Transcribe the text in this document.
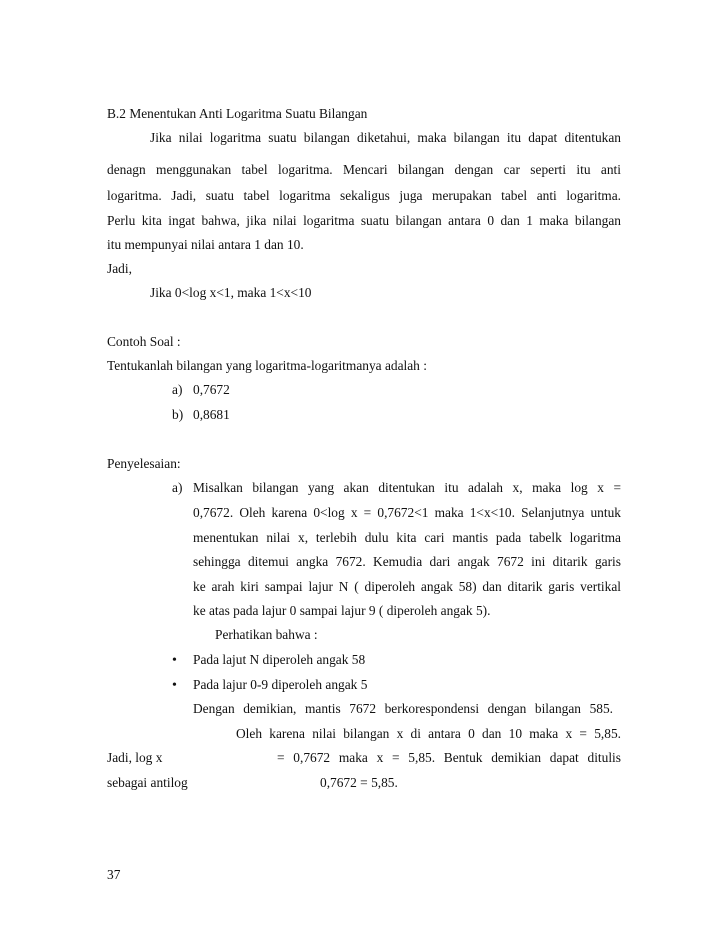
B.2 Menentukan Anti Logaritma Suatu Bilangan
Jika nilai logaritma suatu bilangan diketahui, maka bilangan itu dapat ditentukan
denagn menggunakan tabel logaritma. Mencari bilangan dengan car seperti itu anti
logaritma. Jadi, suatu tabel logaritma sekaligus juga merupakan tabel anti logaritma.
Perlu kita ingat bahwa, jika nilai logaritma suatu bilangan antara 0 dan 1 maka bilangan
itu mempunyai nilai antara 1 dan 10.
Jadi,
Jika 0<log x<1, maka 1<x<10
Contoh Soal :
Tentukanlah bilangan yang logaritma-logaritmanya adalah :
a) 0,7672
b) 0,8681
Penyelesaian:
a) Misalkan bilangan yang akan ditentukan itu adalah x, maka log x =
0,7672. Oleh karena 0<log x = 0,7672<1 maka 1<x<10. Selanjutnya untuk
menentukan nilai x, terlebih dulu kita cari mantis pada tabelk logaritma
sehingga ditemui angka 7672. Kemudia dari angak 7672 ini ditarik garis
ke arah kiri sampai lajur N ( diperoleh angak 58) dan ditarik garis vertikal
ke atas pada lajur 0 sampai lajur 9 ( diperoleh angak 5).
Perhatikan bahwa :
• Pada lajut N diperoleh angak 58
• Pada lajur 0-9 diperoleh angak 5
Dengan demikian, mantis 7672 berkorespondensi dengan bilangan 585.
Oleh karena nilai bilangan x di antara 0 dan 10 maka x = 5,85.
Jadi, log x	= 0,7672 maka x = 5,85. Bentuk demikian dapat ditulis
sebagai antilog	0,7672 = 5,85.
37
